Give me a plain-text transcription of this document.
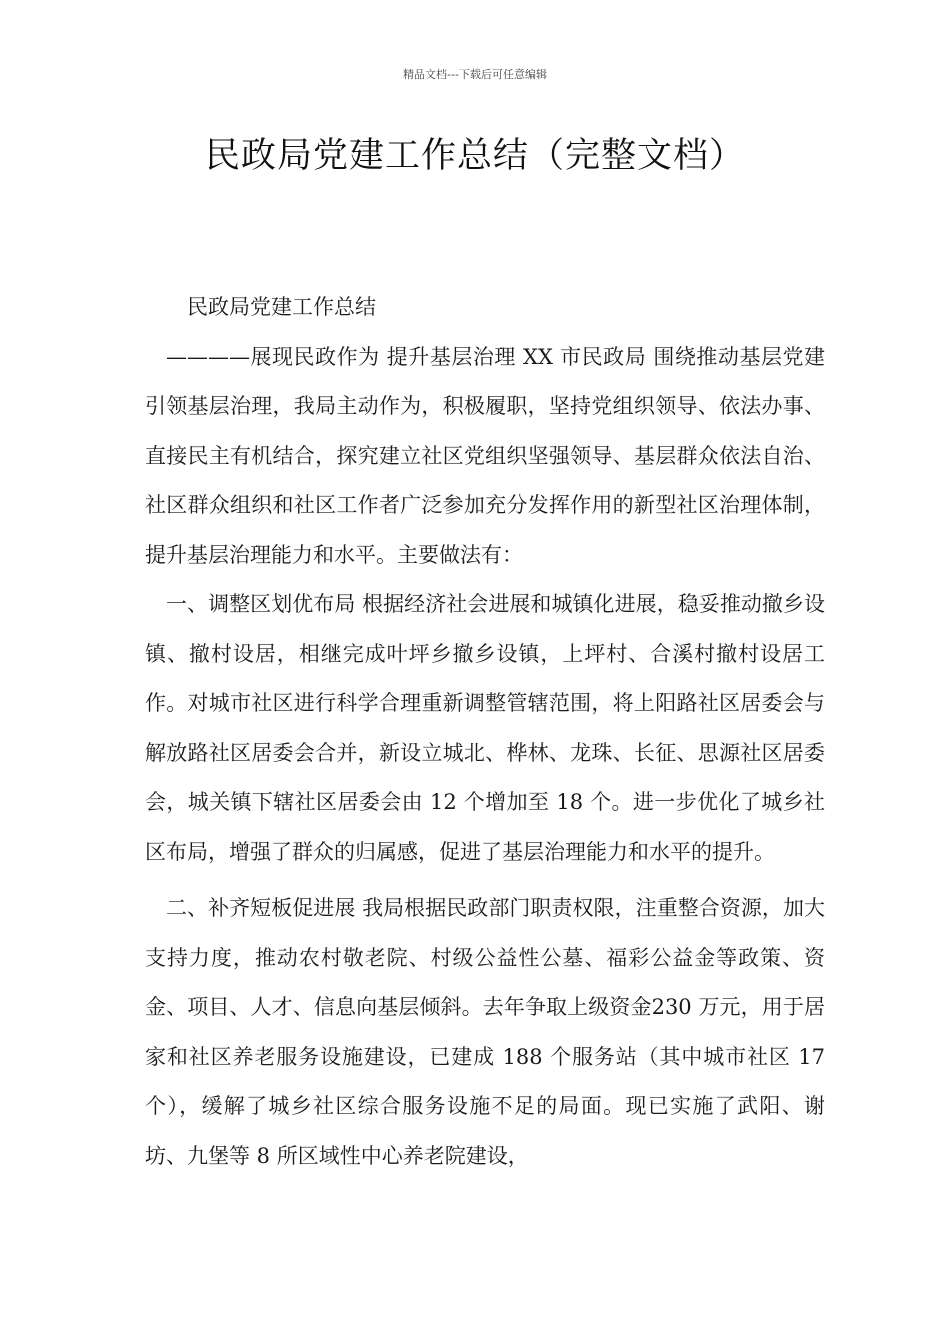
精品文档---下载后可任意编辑
民政局党建工作总结（完整文档）

民政局党建工作总结

————展现民政作为 提升基层治理 XX 市民政局 围绕推动基层党建引领基层治理，我局主动作为，积极履职，坚持党组织领导、依法办事、直接民主有机结合，探究建立社区党组织坚强领导、基层群众依法自治、社区群众组织和社区工作者广泛参加充分发挥作用的新型社区治理体制，提升基层治理能力和水平。主要做法有：

一、调整区划优布局 根据经济社会进展和城镇化进展，稳妥推动撤乡设镇、撤村设居，相继完成叶坪乡撤乡设镇，上坪村、合溪村撤村设居工作。对城市社区进行科学合理重新调整管辖范围，将上阳路社区居委会与解放路社区居委会合并，新设立城北、桦林、龙珠、长征、思源社区居委会，城关镇下辖社区居委会由 12 个增加至 18 个。进一步优化了城乡社区布局，增强了群众的归属感，促进了基层治理能力和水平的提升。

二、补齐短板促进展 我局根据民政部门职责权限，注重整合资源，加大支持力度，推动农村敬老院、村级公益性公墓、福彩公益金等政策、资金、项目、人才、信息向基层倾斜。去年争取上级资金230 万元，用于居家和社区养老服务设施建设，已建成 188 个服务站（其中城市社区 17个），缓解了城乡社区综合服务设施不足的局面。现已实施了武阳、谢坊、九堡等 8 所区域性中心养老院建设，
